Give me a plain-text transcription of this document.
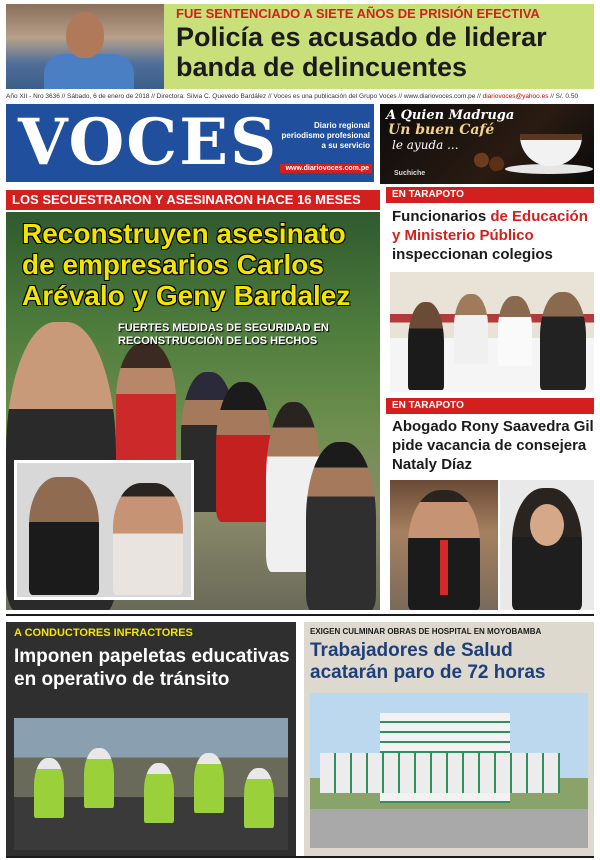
FUE SENTENCIADO A SIETE AÑOS DE PRISIÓN EFECTIVA
Policía es acusado de liderar banda de delincuentes
Año XII - Nro 3636 // Sábado, 6 de enero de 2018 // Directora: Silvia C. Quevedo Bardález // Voces es una publicación del Grupo Voces // www.diariovoces.com.pe // diariovoces@yahoo.es // S/. 0.50
VOCES	Diario regional periodismo profesional a su servicio
www.diariovoces.com.pe
A Quien Madruga
Un buen Café
le ayuda ...
Suchiche
LOS SECUESTRARON Y ASESINARON HACE 16 MESES
Reconstruyen asesinato de empresarios Carlos Arévalo y Geny Bardalez
FUERTES MEDIDAS DE SEGURIDAD EN RECONSTRUCCIÓN DE LOS HECHOS
EN TARAPOTO
Funcionarios de Educación y Ministerio Público inspeccionan colegios
EN TARAPOTO
Abogado Rony Saavedra Gil pide vacancia de consejera Nataly Díaz
A CONDUCTORES INFRACTORES
Imponen papeletas educativas en operativo de tránsito
EXIGEN CULMINAR OBRAS DE HOSPITAL EN MOYOBAMBA
Trabajadores de Salud acatarán paro de 72 horas
